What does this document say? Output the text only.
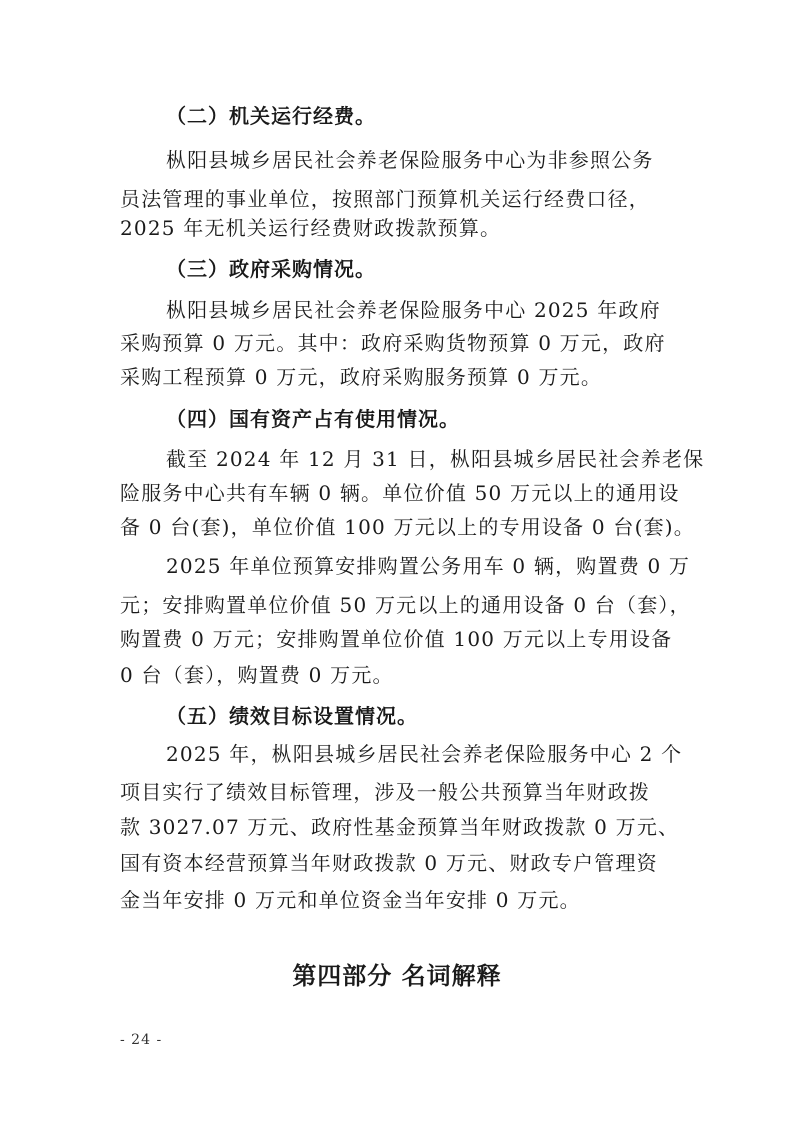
（二）机关运行经费。
枞阳县城乡居民社会养老保险服务中心为非参照公务
员法管理的事业单位，按照部门预算机关运行经费口径，
2025 年无机关运行经费财政拨款预算。
（三）政府采购情况。
枞阳县城乡居民社会养老保险服务中心 2025 年政府
采购预算 0 万元。其中：政府采购货物预算 0 万元，政府
采购工程预算 0 万元，政府采购服务预算 0 万元。
（四）国有资产占有使用情况。
截至 2024 年 12 月 31 日，枞阳县城乡居民社会养老保
险服务中心共有车辆 0 辆。单位价值 50 万元以上的通用设
备 0 台(套)，单位价值 100 万元以上的专用设备 0 台(套)。
2025 年单位预算安排购置公务用车 0 辆，购置费 0 万
元；安排购置单位价值 50 万元以上的通用设备 0 台（套），
购置费 0 万元；安排购置单位价值 100 万元以上专用设备
0 台（套），购置费 0 万元。
（五）绩效目标设置情况。
2025 年，枞阳县城乡居民社会养老保险服务中心 2 个
项目实行了绩效目标管理，涉及一般公共预算当年财政拨
款 3027.07 万元、政府性基金预算当年财政拨款 0 万元、
国有资本经营预算当年财政拨款 0 万元、财政专户管理资
金当年安排 0 万元和单位资金当年安排 0 万元。
第四部分 名词解释
- 24 -
